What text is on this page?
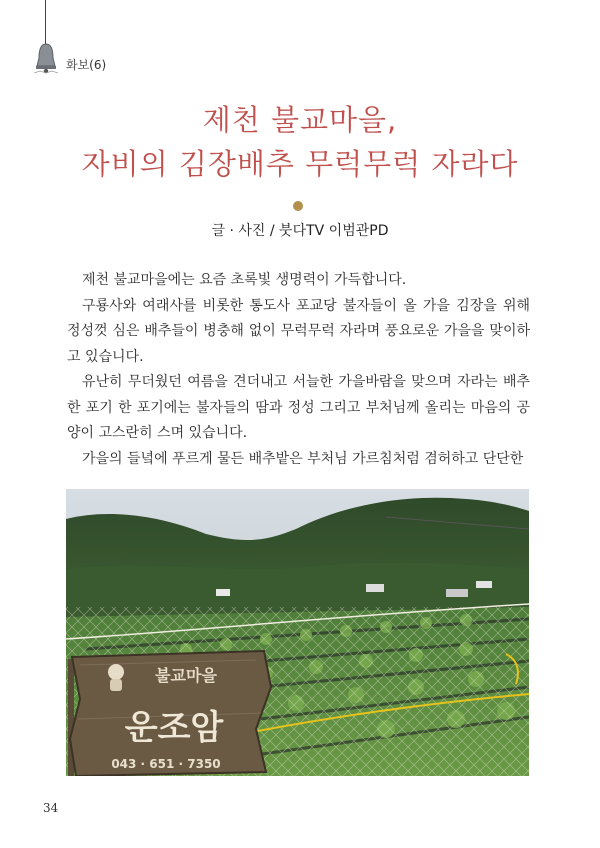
화보(6)
제천 불교마을,
자비의 김장배추 무럭무럭 자라다
글 · 사진 / 붓다TV 이범관PD

제천 불교마을에는 요즘 초록빛 생명력이 가득합니다.

구룡사와 여래사를 비롯한 통도사 포교당 불자들이 올 가을 김장을 위해 정성껏 심은 배추들이 병충해 없이 무럭무럭 자라며 풍요로운 가을을 맞이하고 있습니다.

유난히 무더웠던 여름을 견더내고 서늘한 가을바람을 맞으며 자라는 배추 한 포기 한 포기에는 불자들의 땀과 정성 그리고 부처님께 올리는 마음의 공양이 고스란히 스며 있습니다.

가을의 들녘에 푸르게 물든 배추밭은 부처님 가르침처럼 겸허하고 단단한

불교마을
운조암
043 · 651 · 7350
34
